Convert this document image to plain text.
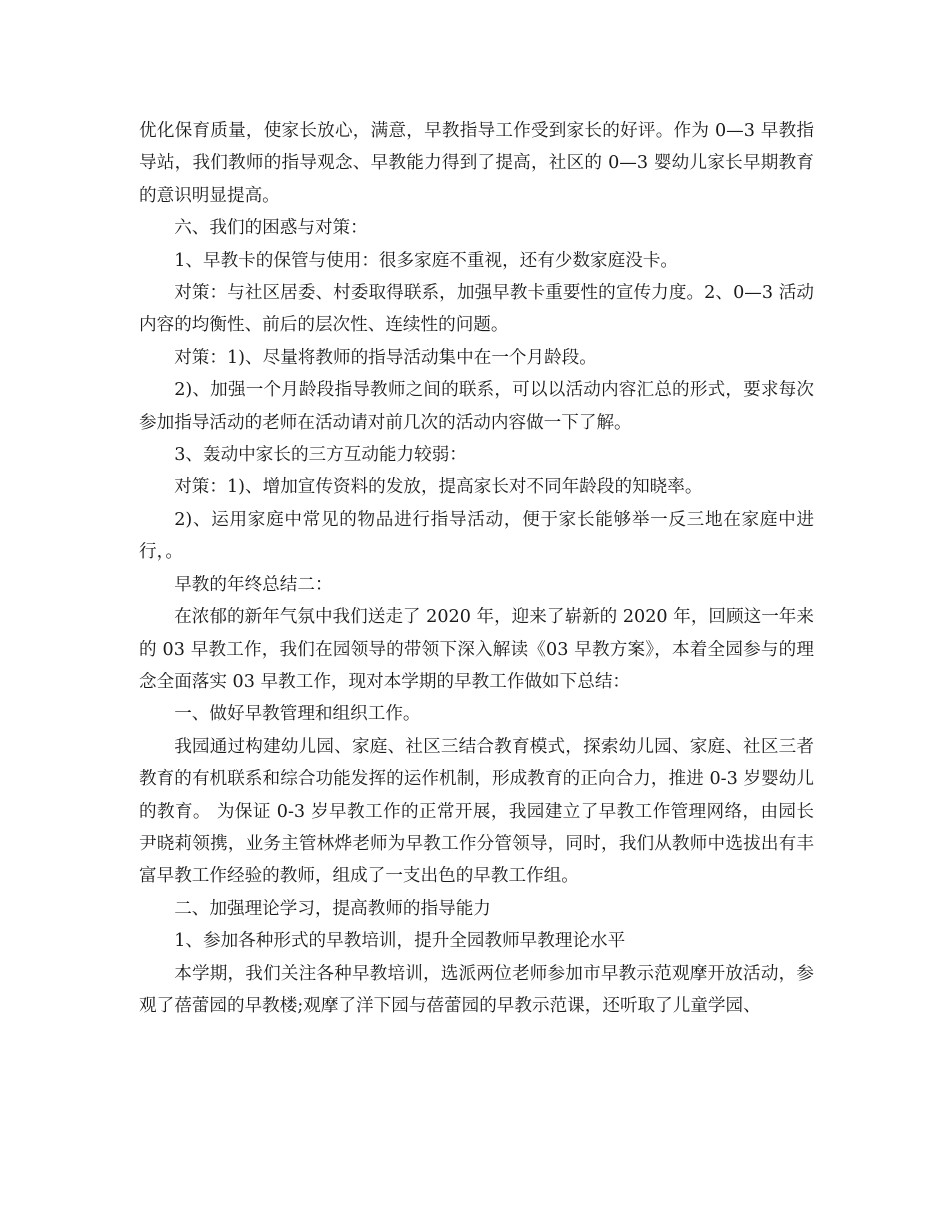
优化保育质量，使家长放心，满意，早教指导工作受到家长的好评。作为 0—3 早教指导站，我们教师的指导观念、早教能力得到了提高，社区的 0—3 婴幼儿家长早期教育的意识明显提高。

六、我们的困惑与对策：

1、早教卡的保管与使用：很多家庭不重视，还有少数家庭没卡。

对策：与社区居委、村委取得联系，加强早教卡重要性的宣传力度。2、0—3 活动内容的均衡性、前后的层次性、连续性的问题。

对策：1)、尽量将教师的指导活动集中在一个月龄段。

2)、加强一个月龄段指导教师之间的联系，可以以活动内容汇总的形式，要求每次参加指导活动的老师在活动请对前几次的活动内容做一下了解。

3、轰动中家长的三方互动能力较弱：

对策：1)、增加宣传资料的发放，提高家长对不同年龄段的知晓率。

2)、运用家庭中常见的物品进行指导活动，便于家长能够举一反三地在家庭中进行，。

早教的年终总结二：

在浓郁的新年气氛中我们送走了 2020 年，迎来了崭新的 2020 年，回顾这一年来的 03 早教工作，我们在园领导的带领下深入解读《03 早教方案》，本着全园参与的理念全面落实 03 早教工作，现对本学期的早教工作做如下总结：

一、做好早教管理和组织工作。

我园通过构建幼儿园、家庭、社区三结合教育模式，探索幼儿园、家庭、社区三者教育的有机联系和综合功能发挥的运作机制，形成教育的正向合力，推进 0-3 岁婴幼儿的教育。 为保证 0-3 岁早教工作的正常开展，我园建立了早教工作管理网络，由园长尹晓莉领携，业务主管林烨老师为早教工作分管领导，同时，我们从教师中选拔出有丰富早教工作经验的教师，组成了一支出色的早教工作组。

二、加强理论学习，提高教师的指导能力

1、参加各种形式的早教培训，提升全园教师早教理论水平

本学期，我们关注各种早教培训，选派两位老师参加市早教示范观摩开放活动，参观了蓓蕾园的早教楼;观摩了洋下园与蓓蕾园的早教示范课，还听取了儿童学园、
